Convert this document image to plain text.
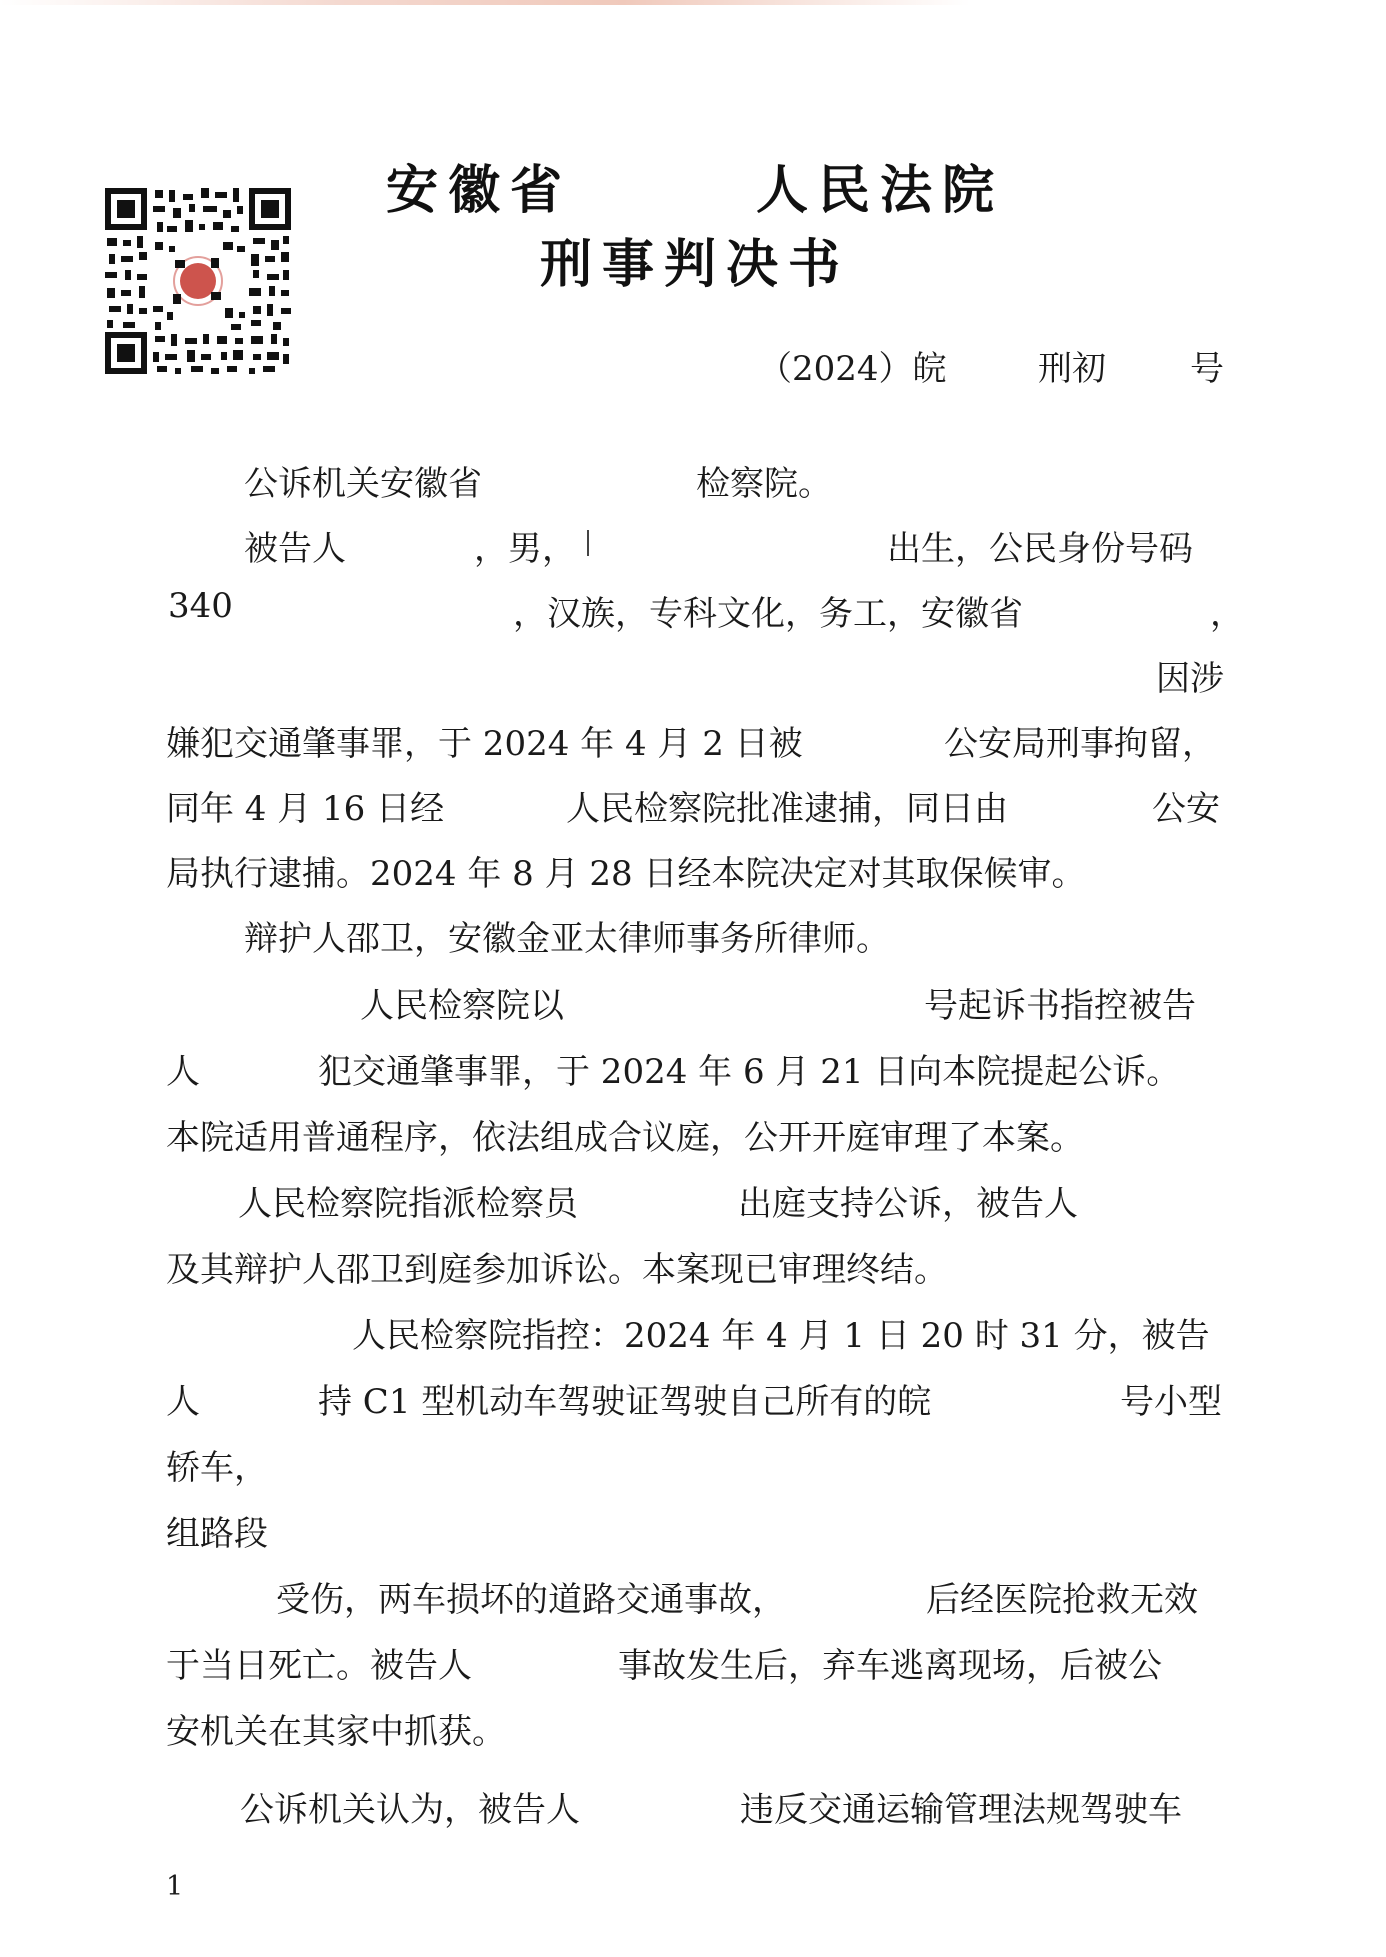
安徽省	人民法院
刑事判决书
（2024）皖	刑初 号
公诉机关安徽省	检察院。
被告人	，男，	出生，公民身份号码
340	，汉族，专科文化，务工，安徽省	，
因涉
嫌犯交通肇事罪，于 2024 年 4 月 2 日被	公安局刑事拘留，
同年 4 月 16 日经	人民检察院批准逮捕，同日由	公安
局执行逮捕。2024 年 8 月 28 日经本院决定对其取保候审。
辩护人邵卫，安徽金亚太律师事务所律师。
人民检察院以	号起诉书指控被告
人	犯交通肇事罪，于 2024 年 6 月 21 日向本院提起公诉。
本院适用普通程序，依法组成合议庭，公开开庭审理了本案。
人民检察院指派检察员	出庭支持公诉，被告人
及其辩护人邵卫到庭参加诉讼。本案现已审理终结。
人民检察院指控：2024 年 4 月 1 日 20 时 31 分，被告
人	持 C1 型机动车驾驶证驾驶自己所有的皖	号小型
轿车，
组路段
受伤，两车损坏的道路交通事故，	后经医院抢救无效
于当日死亡。被告人	事故发生后，弃车逃离现场，后被公
安机关在其家中抓获。
公诉机关认为，被告人	违反交通运输管理法规驾驶车
1
